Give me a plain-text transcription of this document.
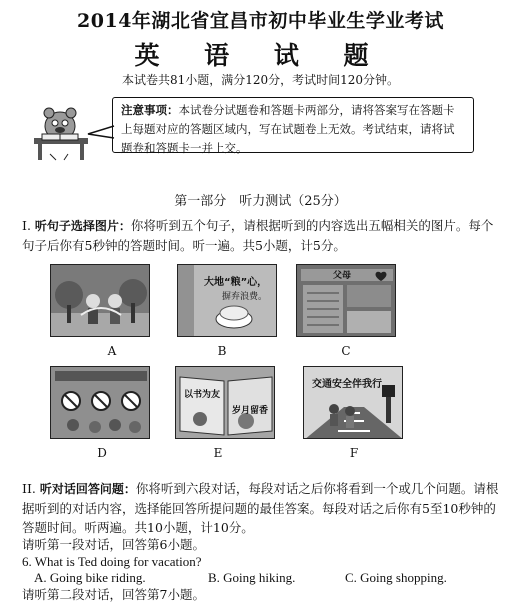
2014年湖北省宜昌市初中毕业生学业考试
英 语 试 题
本试卷共81小题，满分120分，考试时间120分钟。
注意事项：本试卷分试题卷和答题卡两部分，请将答案写在答题卡上每题对应的答题区域内，写在试题卷上无效。考试结束，请将试题卷和答题卡一并上交。
第一部分　听力测试（25分）
I. 听句子选择图片：你将听到五个句子，请根据听到的内容选出五幅相关的图片。每个句子后你有5秒钟的答题时间。听一遍。共5小题，计5分。
A
大地“粮”心，
摒弃浪费。
B
父母
C
D
以书为友
岁月留香
E
交通安全伴我行
F
II. 听对话回答问题：你将听到六段对话，每段对话之后你将看到一个或几个问题。请根据听到的对话内容，选择能回答所提问题的最佳答案。每段对话之后你有5至10秒钟的答题时间。听两遍。共10小题，计10分。
请听第一段对话，回答第6小题。
6. What is Ted doing for vacation?
A. Going bike riding.	B. Going hiking.	C. Going shopping.
请听第二段对话，回答第7小题。
